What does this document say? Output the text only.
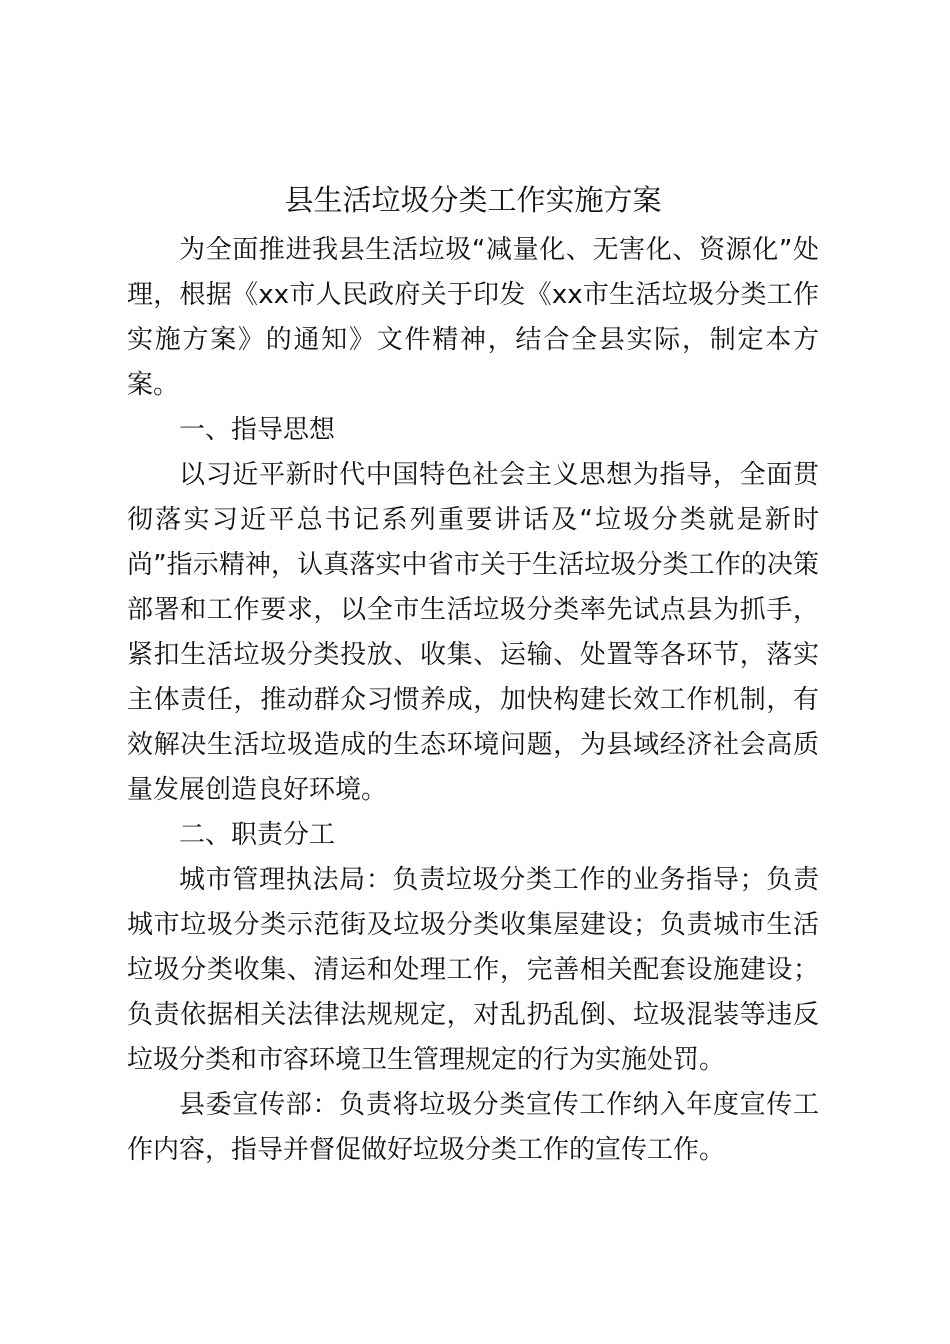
县生活垃圾分类工作实施方案

为全面推进我县生活垃圾“减量化、无害化、资源化”处理，根据《xx市人民政府关于印发《xx市生活垃圾分类工作实施方案》的通知》文件精神，结合全县实际，制定本方案。

一、指导思想

以习近平新时代中国特色社会主义思想为指导，全面贯彻落实习近平总书记系列重要讲话及“垃圾分类就是新时尚”指示精神，认真落实中省市关于生活垃圾分类工作的决策部署和工作要求，以全市生活垃圾分类率先试点县为抓手，紧扣生活垃圾分类投放、收集、运输、处置等各环节，落实主体责任，推动群众习惯养成，加快构建长效工作机制，有效解决生活垃圾造成的生态环境问题，为县域经济社会高质量发展创造良好环境。

二、职责分工

城市管理执法局：负责垃圾分类工作的业务指导；负责城市垃圾分类示范街及垃圾分类收集屋建设；负责城市生活垃圾分类收集、清运和处理工作，完善相关配套设施建设；负责依据相关法律法规规定，对乱扔乱倒、垃圾混装等违反垃圾分类和市容环境卫生管理规定的行为实施处罚。

县委宣传部：负责将垃圾分类宣传工作纳入年度宣传工作内容，指导并督促做好垃圾分类工作的宣传工作。
